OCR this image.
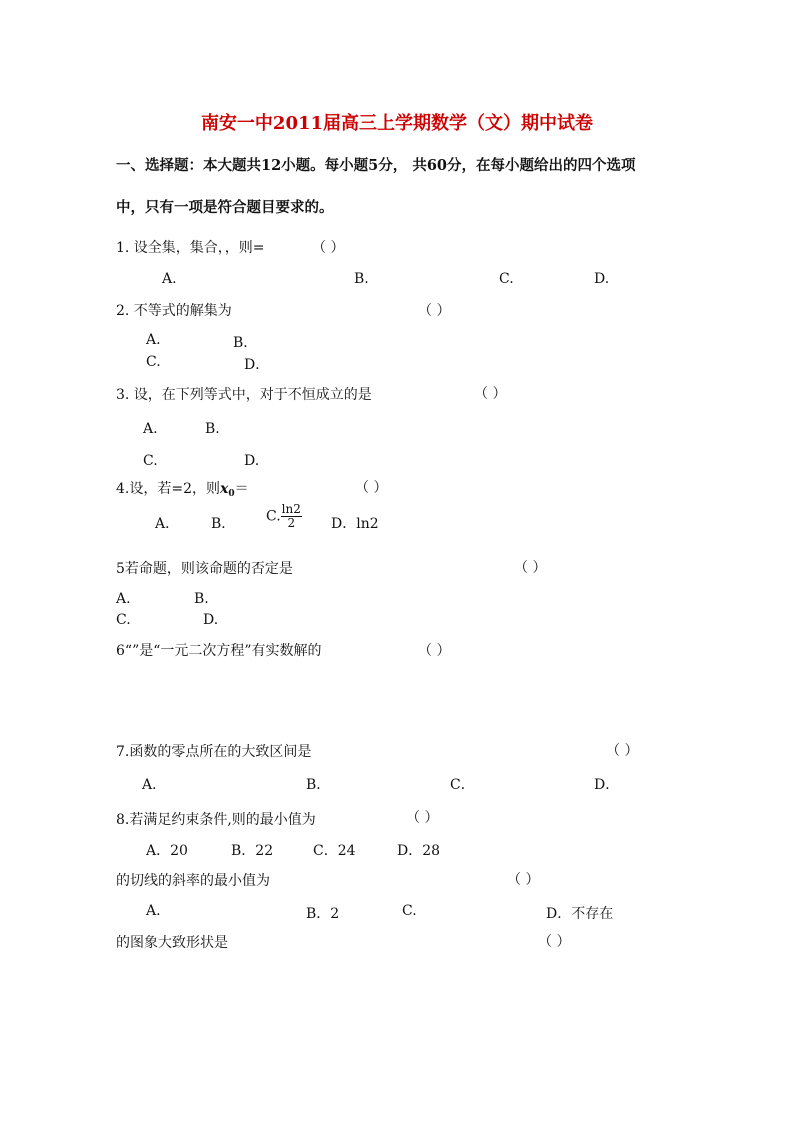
南安一中2011届高三上学期数学（文）期中试卷
一、选择题：本大题共12小题。每小题5分， 共60分，在每小题给出的四个选项
中，只有一项是符合题目要求的。
1. 设全集，集合，，则=	（ ）
A.	B.	C.	D.
2. 不等式的解集为	（ ）
A.	B．
C.	D．
3. 设，在下列等式中，对于不恒成立的是	（ ）
A.	B.
C.	D.
4.设，若=2，则$x_0=$	（ ）
A． B． C. $\frac{\ln 2}{2}$ D．ln2
5若命题，则该命题的否定是	（ ）
A.	B.
C.	D.
6“”是“一元二次方程”有实数解的	（ ）
7.函数的零点所在的大致区间是	（ ）
A．	B．	C．	D．
8.若满足约束条件,则的最小值为	（ ）
A．20	B．22	C．24	D．28
的切线的斜率的最小值为	（ ）
A.	B．2	C.	D．不存在
的图象大致形状是	（ ）
